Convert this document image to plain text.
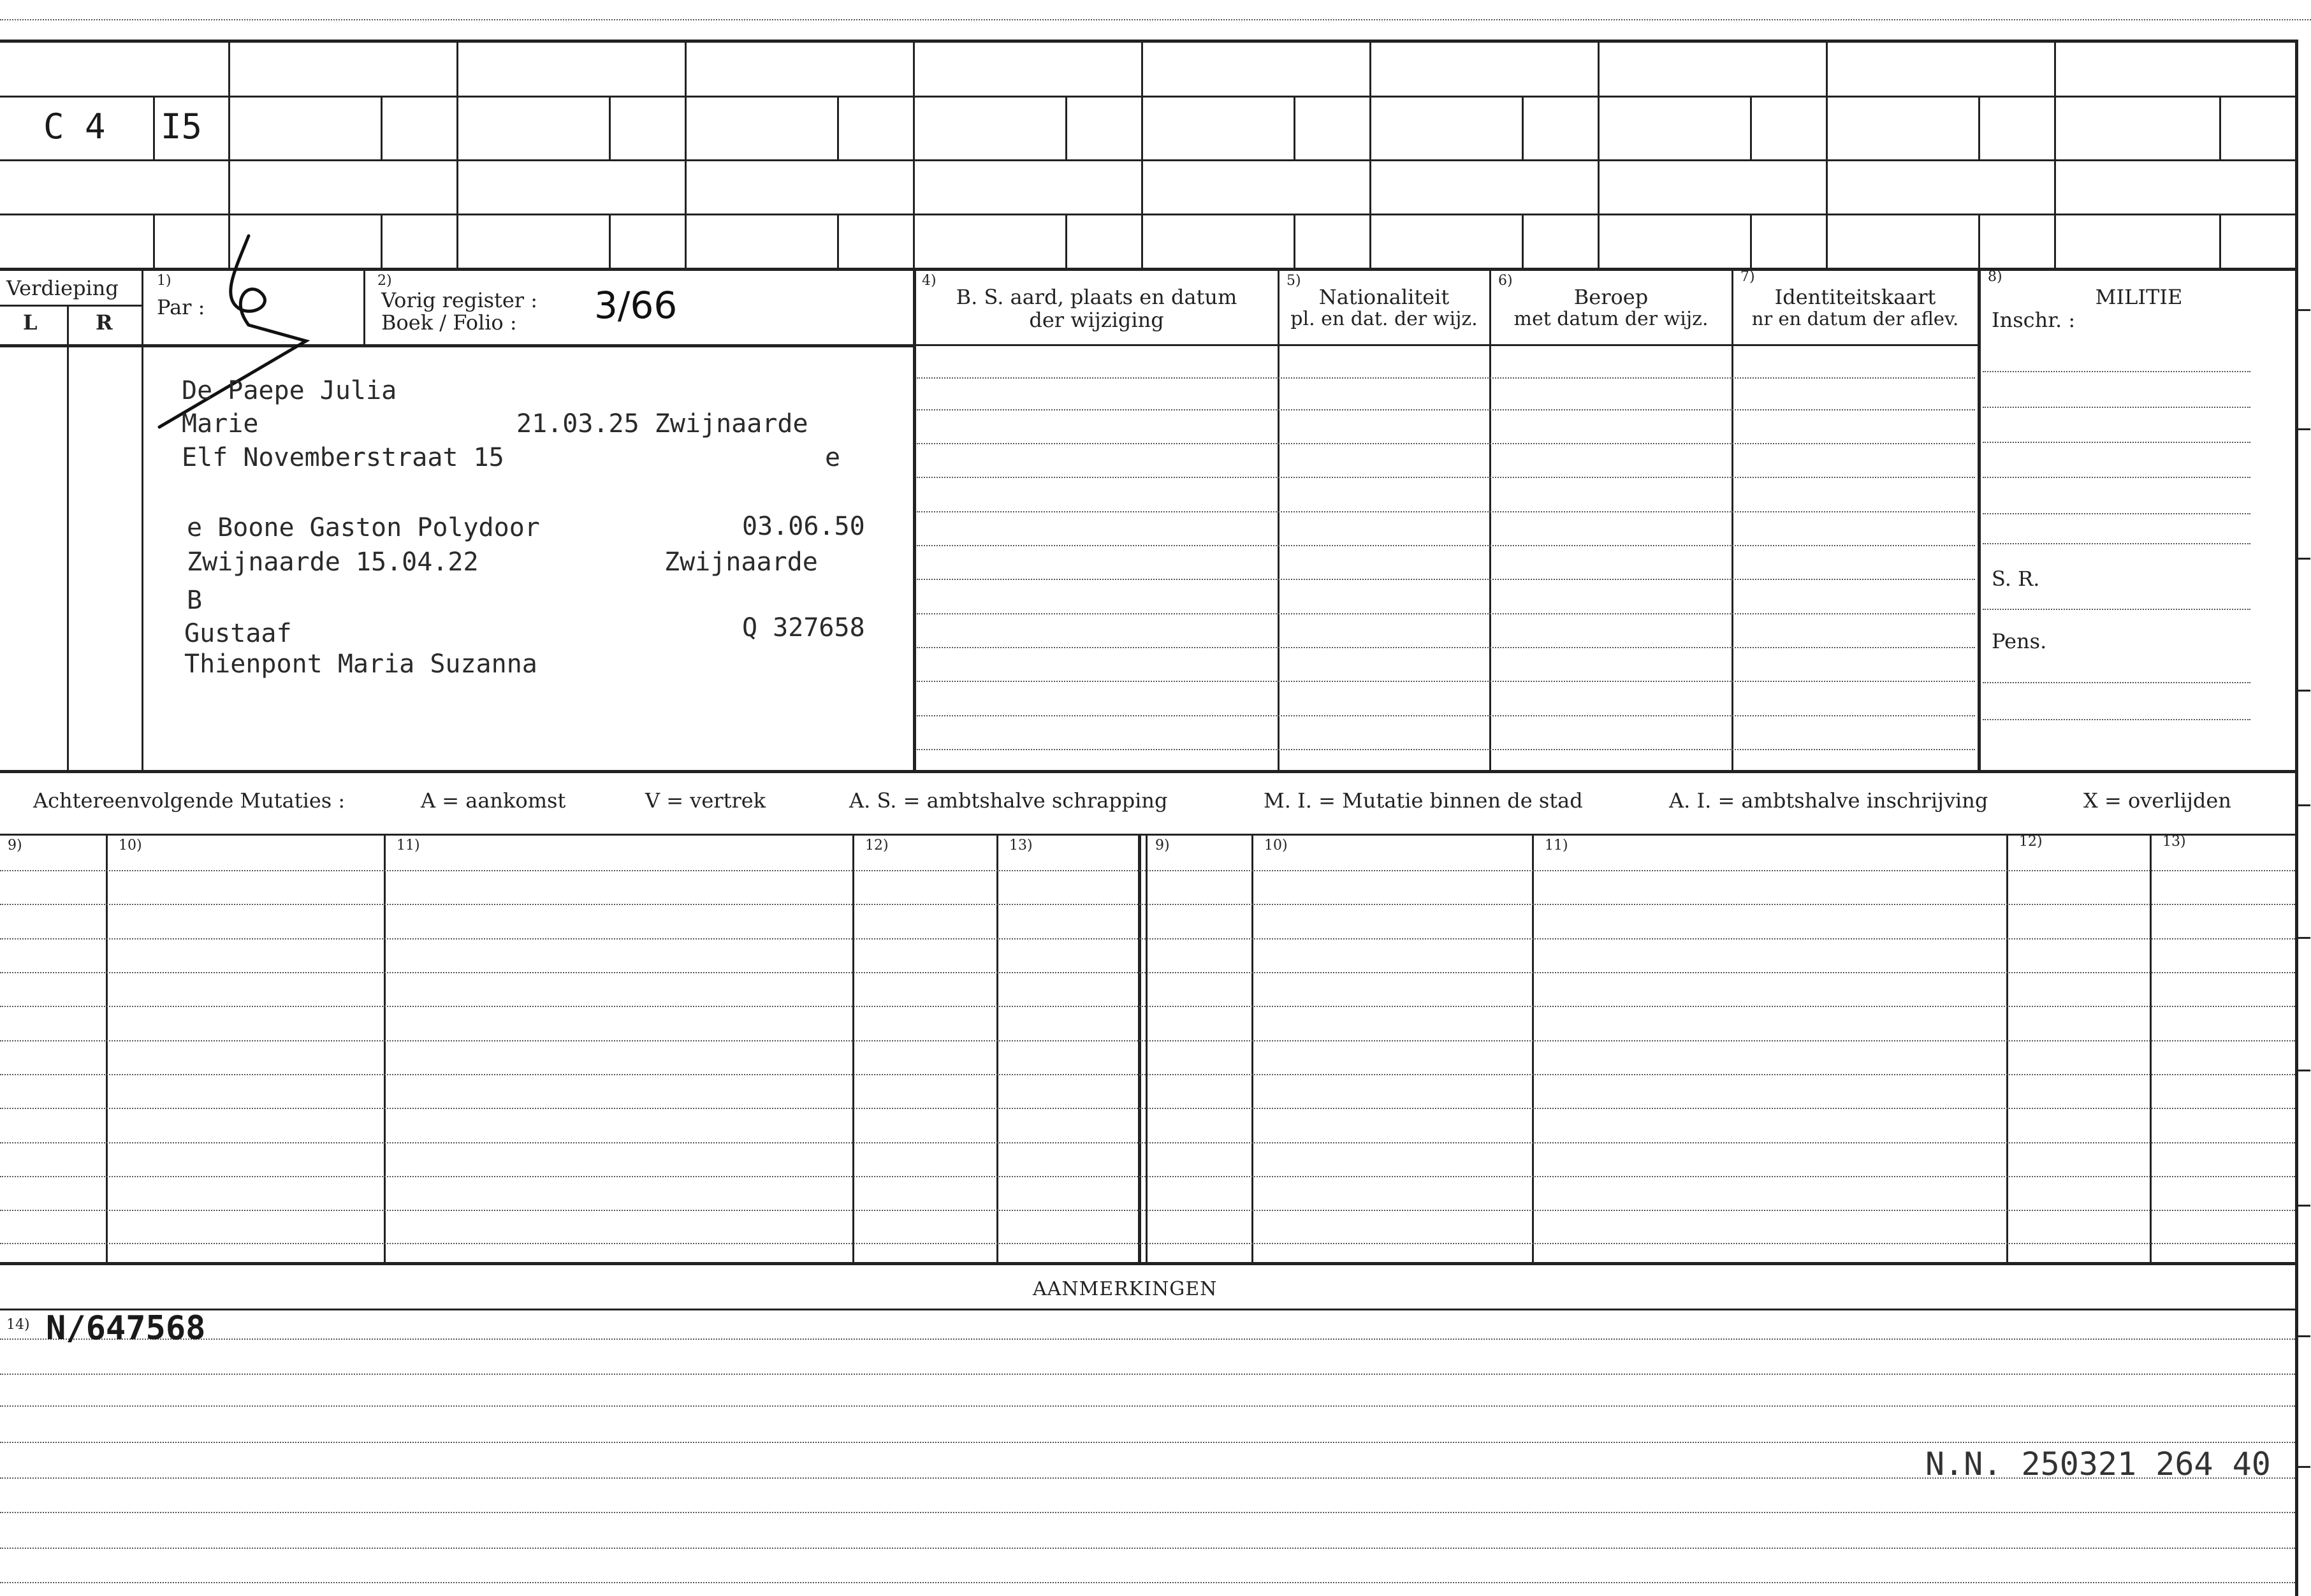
C 4 I5
Verdieping
L	R
1)
Par :
2)
Vorig register :
Boek / Folio : 3/66
4)
B. S. aard, plaats en datum
der wijziging
5)
Nationaliteit
pl. en dat. der wijz.
6)
Beroep
met datum der wijz.
7)
Identiteitskaart
nr en datum der aflev.
8)
MILITIE
Inschr. :
S. R.
Pens.
De Paepe Julia
Marie	21.03.25 Zwijnaarde
Elf Novemberstraat 15	e
e Boone Gaston Polydoor	03.06.50
Zwijnaarde 15.04.22	Zwijnaarde
B
Gustaaf	Q 327658
Thienpont Maria Suzanna
Achtereenvolgende Mutaties :	A = aankomst	V = vertrek	A. S. = ambtshalve schrapping	M. I. = Mutatie binnen de stad	A. I. = ambtshalve inschrijving	X = overlijden
9)	10)	11)	12)	13)	9)	10)	11)	12)	13)
AANMERKINGEN
14) N/647568
N.N. 250321 264 40
